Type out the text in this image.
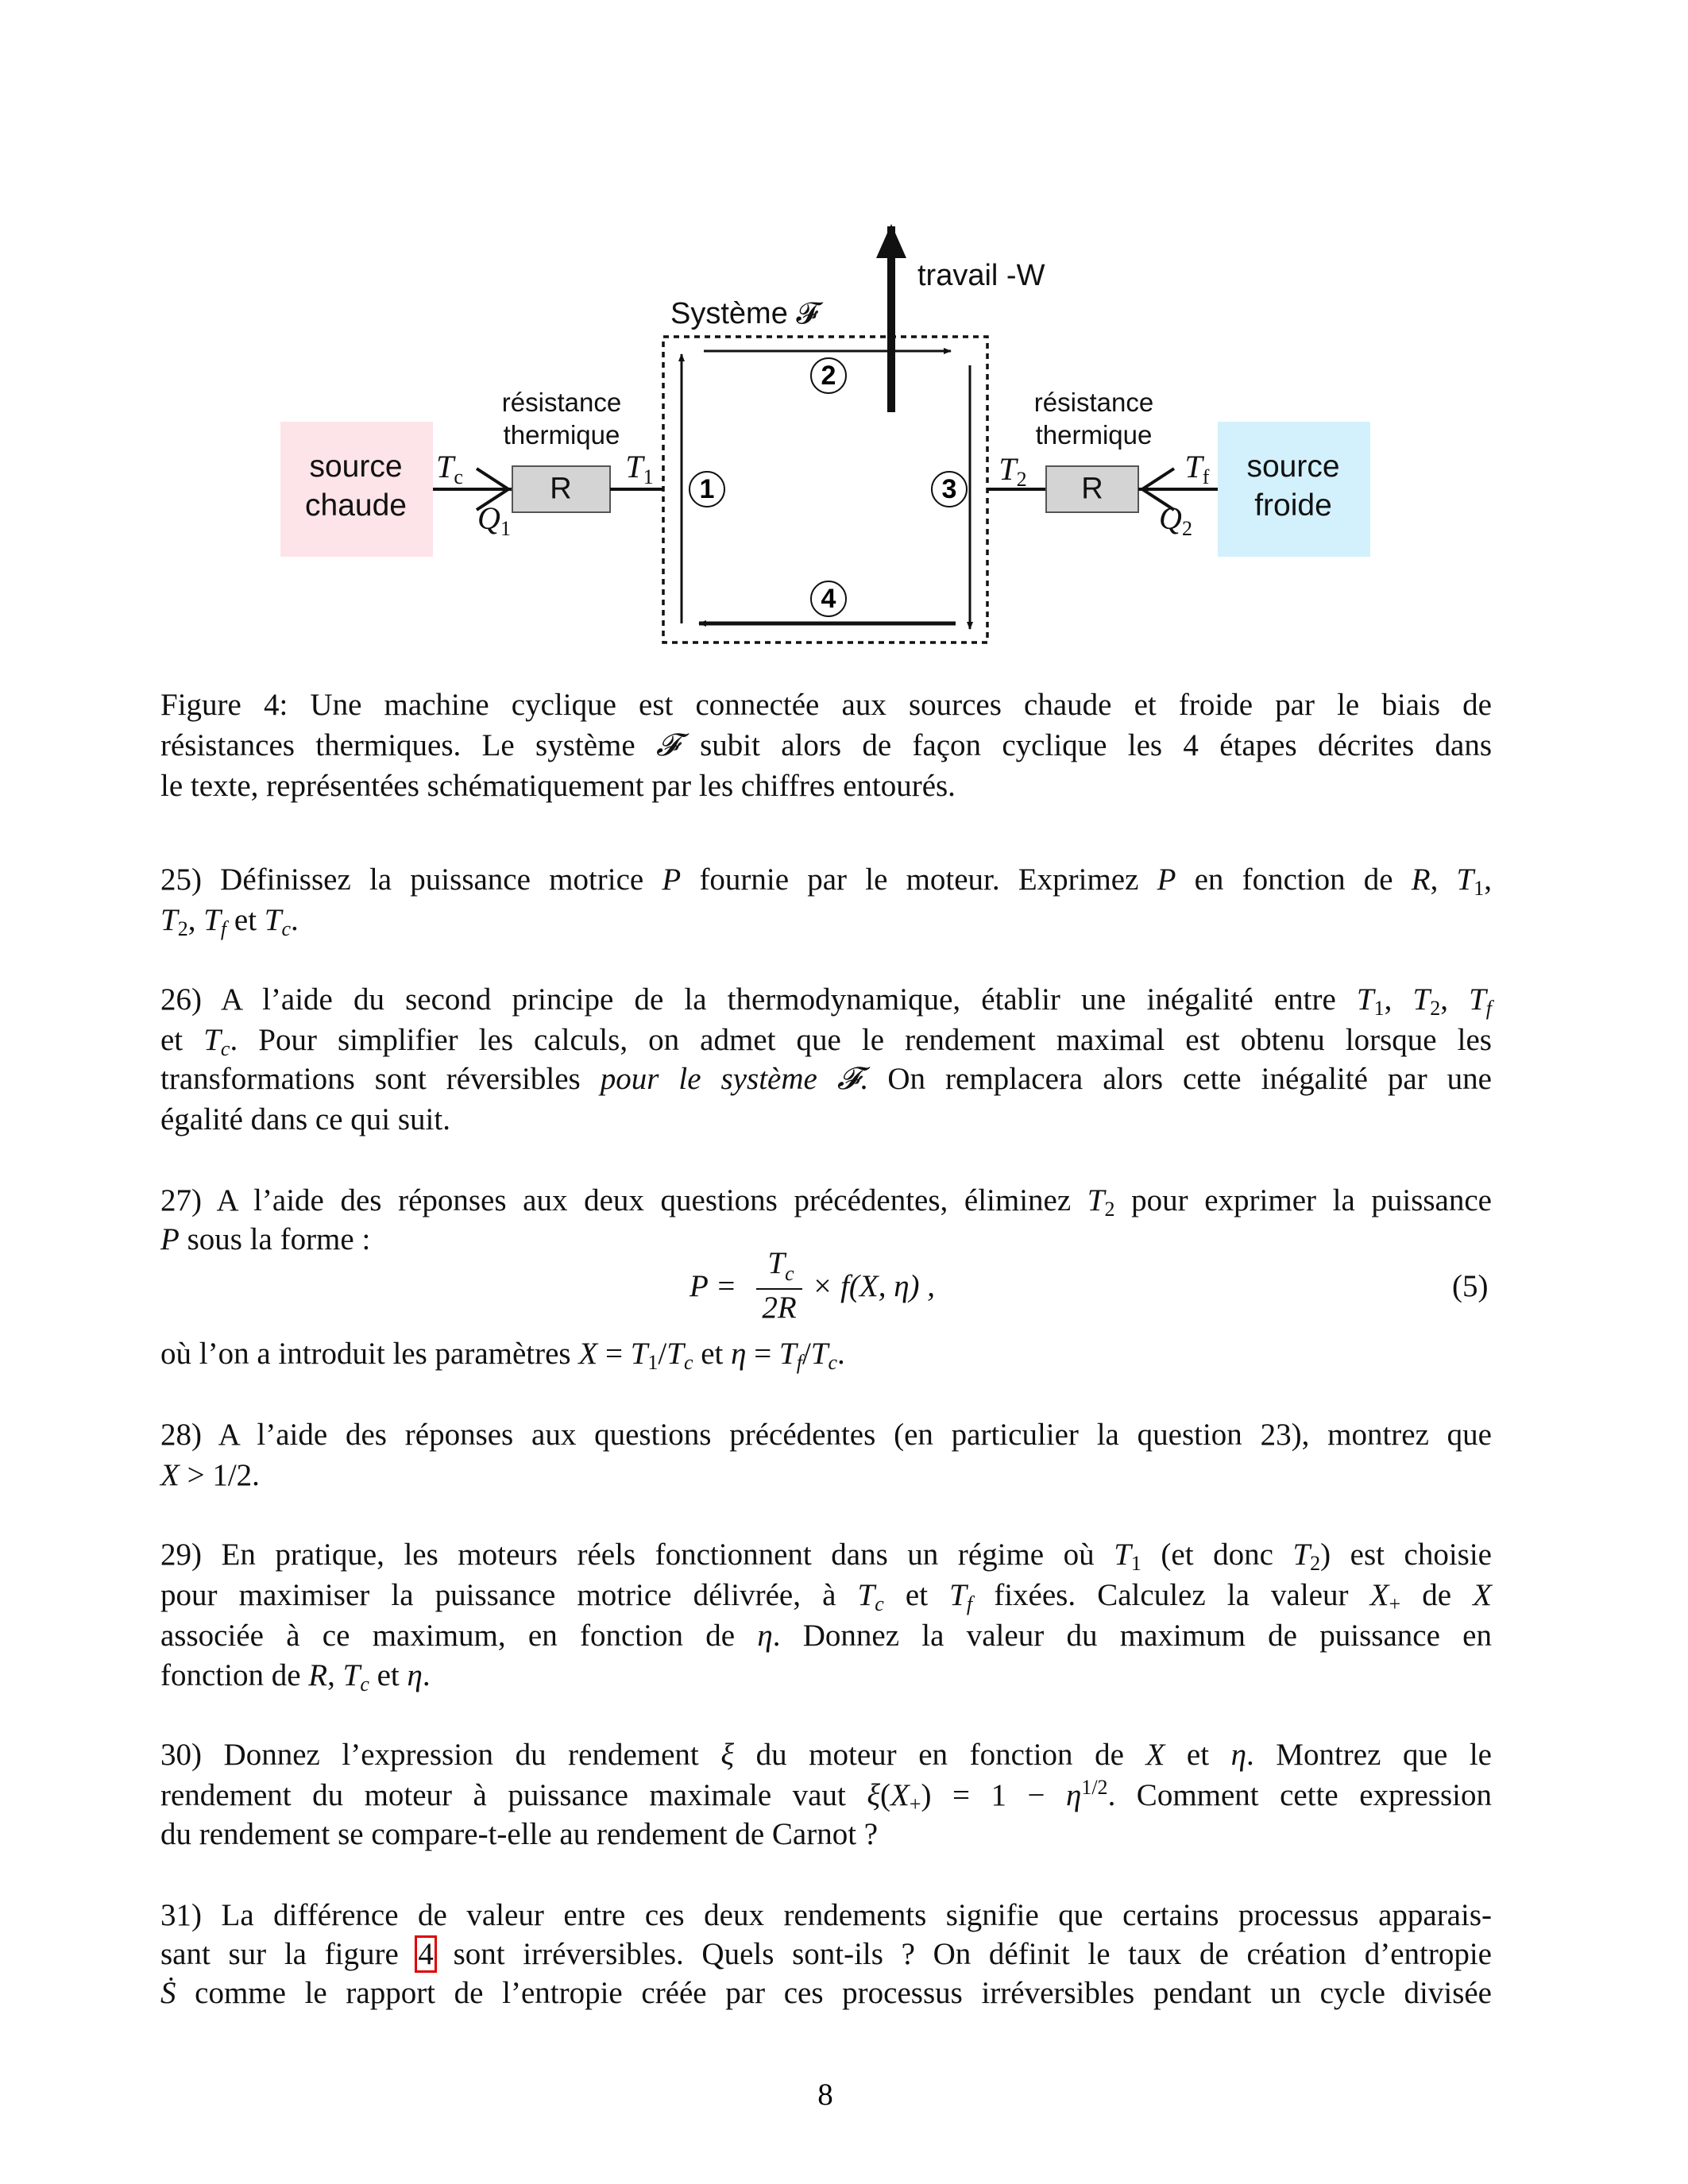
source
chaude
source
froide
résistance
thermique
résistance
thermique
R	R
travail -W
Système 𝓕
$T_c$
$Q_1$
$T_1$	$T_2$	$T_f$
$Q_2$
1
2
3
4
Figure 4: Une machine cyclique est connectée aux sources chaude et froide par le biais de
résistances thermiques. Le système 𝓕 subit alors de façon cyclique les 4 étapes décrites dans
le texte, représentées schématiquement par les chiffres entourés.
25) Définissez la puissance motrice P fournie par le moteur. Exprimez P en fonction de R, $T_1$,
$T_2$, $T_f$ et $T_c$.
26) A l’aide du second principe de la thermodynamique, établir une inégalité entre $T_1$, $T_2$, $T_f$
et $T_c$. Pour simplifier les calculs, on admet que le rendement maximal est obtenu lorsque les
transformations sont réversibles pour le système 𝓕. On remplacera alors cette inégalité par une
égalité dans ce qui suit.
27) A l’aide des réponses aux deux questions précédentes, éliminez $T_2$ pour exprimer la puissance
P sous la forme :
P =
$T_c$
2R
× f(X, η) ,	(5)
où l’on a introduit les paramètres $X = T_1/T_c$ et $\eta = T_f/T_c$.
28) A l’aide des réponses aux questions précédentes (en particulier la question 23), montrez que
X > 1/2.
29) En pratique, les moteurs réels fonctionnent dans un régime où $T_1$ (et donc $T_2$) est choisie
pour maximiser la puissance motrice délivrée, à $T_c$ et $T_f$ fixées. Calculez la valeur $X_+$ de X
associée à ce maximum, en fonction de η. Donnez la valeur du maximum de puissance en
fonction de R, $T_c$ et η.
30) Donnez l’expression du rendement ξ du moteur en fonction de X et η. Montrez que le
rendement du moteur à puissance maximale vaut $\xi(X_+) = 1 - \eta^{1/2}$. Comment cette expression
du rendement se compare-t-elle au rendement de Carnot ?
31) La différence de valeur entre ces deux rendements signifie que certains processus apparais-
sant sur la figure 4 sont irréversibles. Quels sont-ils ? On définit le taux de création d’entropie
Ṡ comme le rapport de l’entropie créée par ces processus irréversibles pendant un cycle divisée
8
